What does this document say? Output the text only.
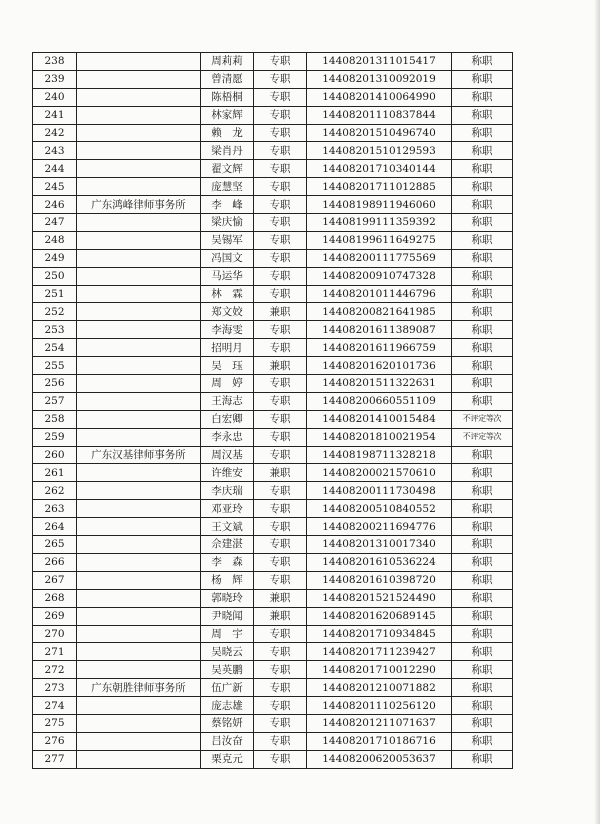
238		周莉莉	专职	14408201311015417	称职
239		曾清愿	专职	14408201310092019	称职
240		陈梧桐	专职	14408201410064990	称职
241		林家辉	专职	14408201110837844	称职
242		赖　龙	专职	14408201510496740	称职
243		梁肖丹	专职	14408201510129593	称职
244		翟文辉	专职	14408201710340144	称职
245		庞慧坚	专职	14408201711012885	称职
246	广东鸿峰律师事务所	李　峰	专职	14408198911946060	称职
247		梁庆愉	专职	14408199111359392	称职
248		吴锡军	专职	14408199611649275	称职
249		冯国文	专职	14408200111775569	称职
250		马运华	专职	14408200910747328	称职
251		林　霖	专职	14408201011446796	称职
252		郑文姣	兼职	14408200821641985	称职
253		李海雯	专职	14408201611389087	称职
254		招明月	专职	14408201611966759	称职
255		吴　珏	兼职	14408201620101736	称职
256		周　婷	专职	14408201511322631	称职
257		王海志	专职	14408200660551109	称职
258		白宏卿	专职	14408201410015484	不评定等次
259		李永忠	专职	14408201810021954	不评定等次
260	广东汉基律师事务所	周汉基	专职	14408198711328218	称职
261		许维安	兼职	14408200021570610	称职
262		李庆瑞	专职	14408200111730498	称职
263		邓亚玲	专职	14408200510840552	称职
264		王文斌	专职	14408200211694776	称职
265		佘建湛	专职	14408201310017340	称职
266		李　森	专职	14408201610536224	称职
267		杨　辉	专职	14408201610398720	称职
268		郭晓玲	兼职	14408201521524490	称职
269		尹晓闻	兼职	14408201620689145	称职
270		周　宇	专职	14408201710934845	称职
271		吴晓云	专职	14408201711239427	称职
272		吴英鹏	专职	14408201710012290	称职
273	广东朝胜律师事务所	伍广新	专职	14408201210071882	称职
274		庞志雄	专职	14408201110256120	称职
275		蔡铭妍	专职	14408201211071637	称职
276		吕汝奋	专职	14408201710186716	称职
277		栗克元	专职	14408200620053637	称职
